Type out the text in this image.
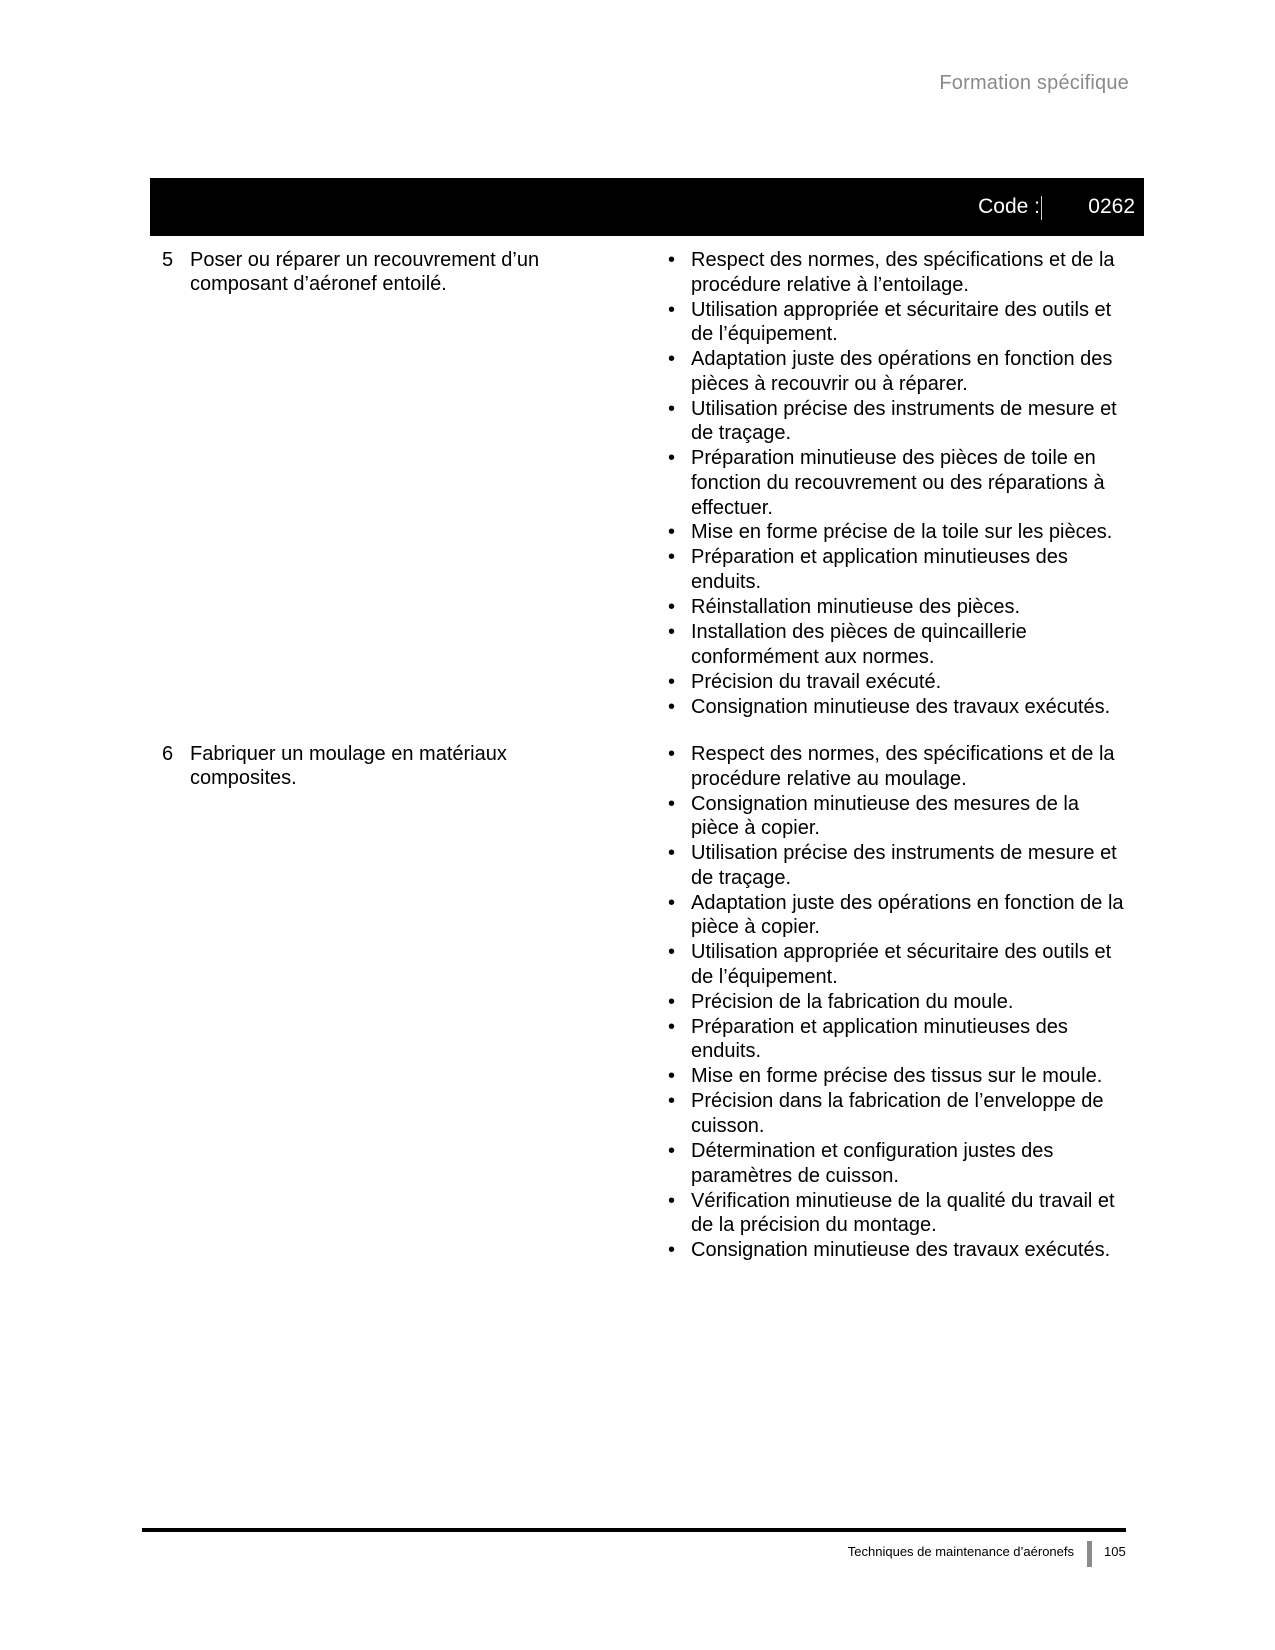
Formation spécifique
Code : 0262
5 Poser ou réparer un recouvrement d’un composant d’aéronef entoilé.
• Respect des normes, des spécifications et de la procédure relative à l’entoilage.
• Utilisation appropriée et sécuritaire des outils et de l’équipement.
• Adaptation juste des opérations en fonction des pièces à recouvrir ou à réparer.
• Utilisation précise des instruments de mesure et de traçage.
• Préparation minutieuse des pièces de toile en fonction du recouvrement ou des réparations à effectuer.
• Mise en forme précise de la toile sur les pièces.
• Préparation et application minutieuses des enduits.
• Réinstallation minutieuse des pièces.
• Installation des pièces de quincaillerie conformément aux normes.
• Précision du travail exécuté.
• Consignation minutieuse des travaux exécutés.
6 Fabriquer un moulage en matériaux composites.
• Respect des normes, des spécifications et de la procédure relative au moulage.
• Consignation minutieuse des mesures de la pièce à copier.
• Utilisation précise des instruments de mesure et de traçage.
• Adaptation juste des opérations en fonction de la pièce à copier.
• Utilisation appropriée et sécuritaire des outils et de l’équipement.
• Précision de la fabrication du moule.
• Préparation et application minutieuses des enduits.
• Mise en forme précise des tissus sur le moule.
• Précision dans la fabrication de l’enveloppe de cuisson.
• Détermination et configuration justes des paramètres de cuisson.
• Vérification minutieuse de la qualité du travail et de la précision du montage.
• Consignation minutieuse des travaux exécutés.
Techniques de maintenance d’aéronefs 105
